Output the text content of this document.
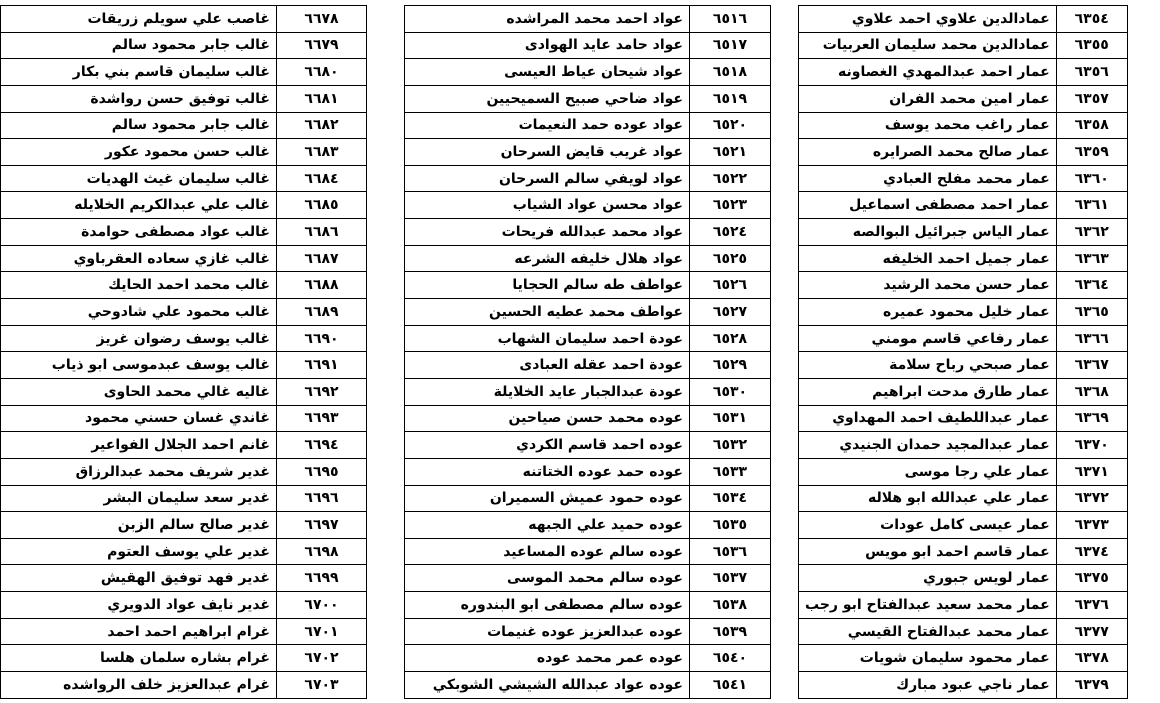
٦٣٥٤	عمادالدين علاوي احمد علاوي
٦٣٥٥	عمادالدين محمد سليمان العربيات
٦٣٥٦	عمار احمد عبدالمهدي الغصاونه
٦٣٥٧	عمار امين محمد الفران
٦٣٥٨	عمار راغب محمد يوسف
٦٣٥٩	عمار صالح محمد الصرايره
٦٣٦٠	عمار محمد مفلح العبادي
٦٣٦١	عمار احمد مصطفى اسماعيل
٦٣٦٢	عمار الياس جبرائيل البوالصه
٦٣٦٣	عمار جميل احمد الخليفه
٦٣٦٤	عمار حسن محمد الرشيد
٦٣٦٥	عمار خليل محمود عميره
٦٣٦٦	عمار رفاعي قاسم مومني
٦٣٦٧	عمار صبحي رباح سلامة
٦٣٦٨	عمار طارق مدحت ابراهيم
٦٣٦٩	عمار عبداللطيف احمد المهداوي
٦٣٧٠	عمار عبدالمجيد حمدان الجنيدي
٦٣٧١	عمار علي رجا موسى
٦٣٧٢	عمار علي عبدالله ابو هلاله
٦٣٧٣	عمار عيسى كامل عودات
٦٣٧٤	عمار قاسم احمد ابو مويس
٦٣٧٥	عمار لويس جبوري
٦٣٧٦	عمار محمد سعيد عبدالفتاح ابو رجب
٦٣٧٧	عمار محمد عبدالفتاح القيسي
٦٣٧٨	عمار محمود سليمان شويات
٦٣٧٩	عمار ناجي عبود مبارك
٦٥١٦	عواد احمد محمد المراشده
٦٥١٧	عواد حامد عايد الهوادى
٦٥١٨	عواد شيحان عياط العيسى
٦٥١٩	عواد ضاحي صبيح السميحيين
٦٥٢٠	عواد عوده حمد النعيمات
٦٥٢١	عواد غريب قايض السرحان
٦٥٢٢	عواد لويفي سالم السرحان
٦٥٢٣	عواد محسن عواد الشياب
٦٥٢٤	عواد محمد عبدالله فريحات
٦٥٢٥	عواد هلال خليفه الشرعه
٦٥٢٦	عواطف طه سالم الحجايا
٦٥٢٧	عواطف محمد عطيه الحسين
٦٥٢٨	عودة احمد سليمان الشهاب
٦٥٢٩	عودة احمد عقله العبادى
٦٥٣٠	عودة عبدالجبار عايد الخلايلة
٦٥٣١	عوده محمد حسن صياحين
٦٥٣٢	عوده احمد قاسم الكردي
٦٥٣٣	عوده حمد عوده الختاتنه
٦٥٣٤	عوده حمود عميش السميران
٦٥٣٥	عوده حميد علي الجبهه
٦٥٣٦	عوده سالم عوده المساعيد
٦٥٣٧	عوده سالم محمد الموسى
٦٥٣٨	عوده سالم مصطفى ابو البندوره
٦٥٣٩	عوده عبدالعزيز عوده غنيمات
٦٥٤٠	عوده عمر محمد عوده
٦٥٤١	عوده عواد عبدالله الشيشي الشوبكي
٦٦٧٨	غاصب علي سويلم زريقات
٦٦٧٩	غالب جابر محمود سالم
٦٦٨٠	غالب سليمان قاسم بني بكار
٦٦٨١	غالب توفيق حسن رواشدة
٦٦٨٢	غالب جابر محمود سالم
٦٦٨٣	غالب حسن محمود عكور
٦٦٨٤	غالب سليمان غيث الهديات
٦٦٨٥	غالب علي عبدالكريم الخلايله
٦٦٨٦	غالب عواد مصطفى حوامدة
٦٦٨٧	غالب غازي سعاده العقرباوي
٦٦٨٨	غالب محمد احمد الحايك
٦٦٨٩	غالب محمود علي شادوحي
٦٦٩٠	غالب يوسف رضوان غريز
٦٦٩١	غالب يوسف عبدموسى ابو ذياب
٦٦٩٢	غاليه غالي محمد الحاوى
٦٦٩٣	غاندي غسان حسني محمود
٦٦٩٤	غانم احمد الجلال الفواعير
٦٦٩٥	غدير شريف محمد عبدالرزاق
٦٦٩٦	غدير سعد سليمان البشر
٦٦٩٧	غدير صالح سالم الزبن
٦٦٩٨	غدير علي يوسف العتوم
٦٦٩٩	غدير فهد توفيق الهقيش
٦٧٠٠	غدير نايف عواد الدويري
٦٧٠١	غرام ابراهيم احمد احمد
٦٧٠٢	غرام بشاره سلمان هلسا
٦٧٠٣	غرام عبدالعزيز خلف الرواشده
